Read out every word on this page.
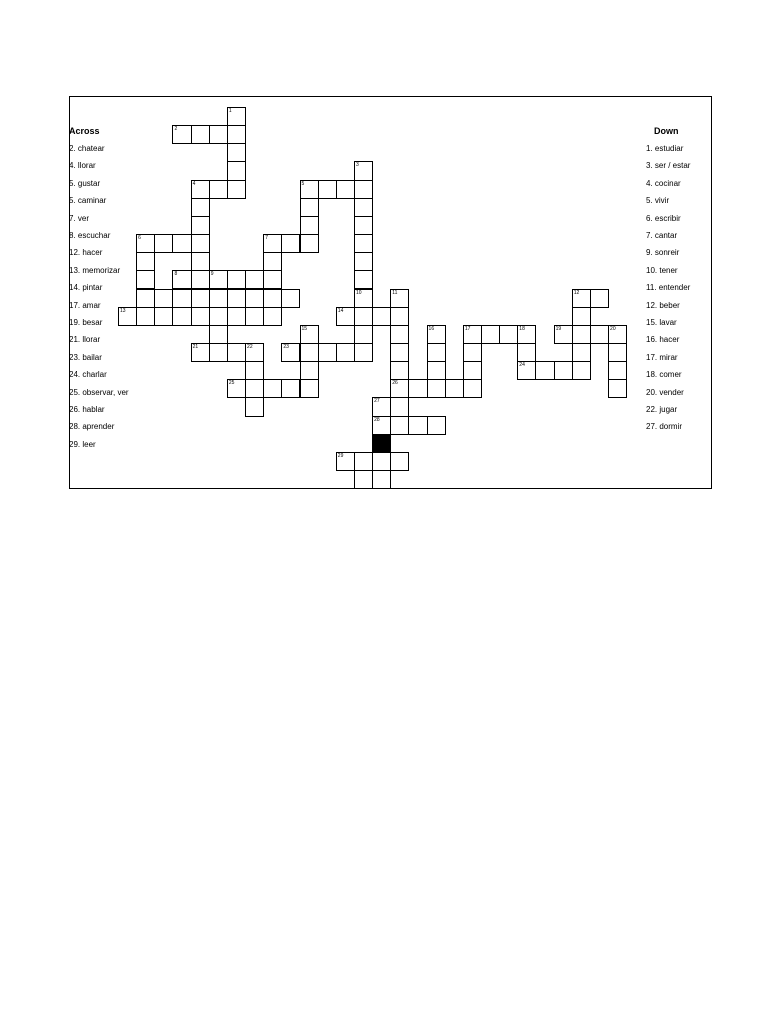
Across
2. chatear
4. llorar
5. gustar
5. caminar
7. ver
8. escuchar
12. hacer
13. memorizar
14. pintar
17. amar
19. besar
21. llorar
23. bailar
24. charlar
25. observar, ver
26. hablar
28. aprender
29. leer
Down
1. estudiar
3. ser / estar
4. cocinar
5. vivir
6. escribir
7. cantar
9. sonreir
10. tener
11. entender
12. beber
15. lavar
16. hacer
17. mirar
18. comer
20. vender
22. jugar
27. dormir
1
2
3
10
4	5
6	7
8	9
13
11
26
14
12
15	16	17	18	19	20
21	22	23
24
25
27
28
29
